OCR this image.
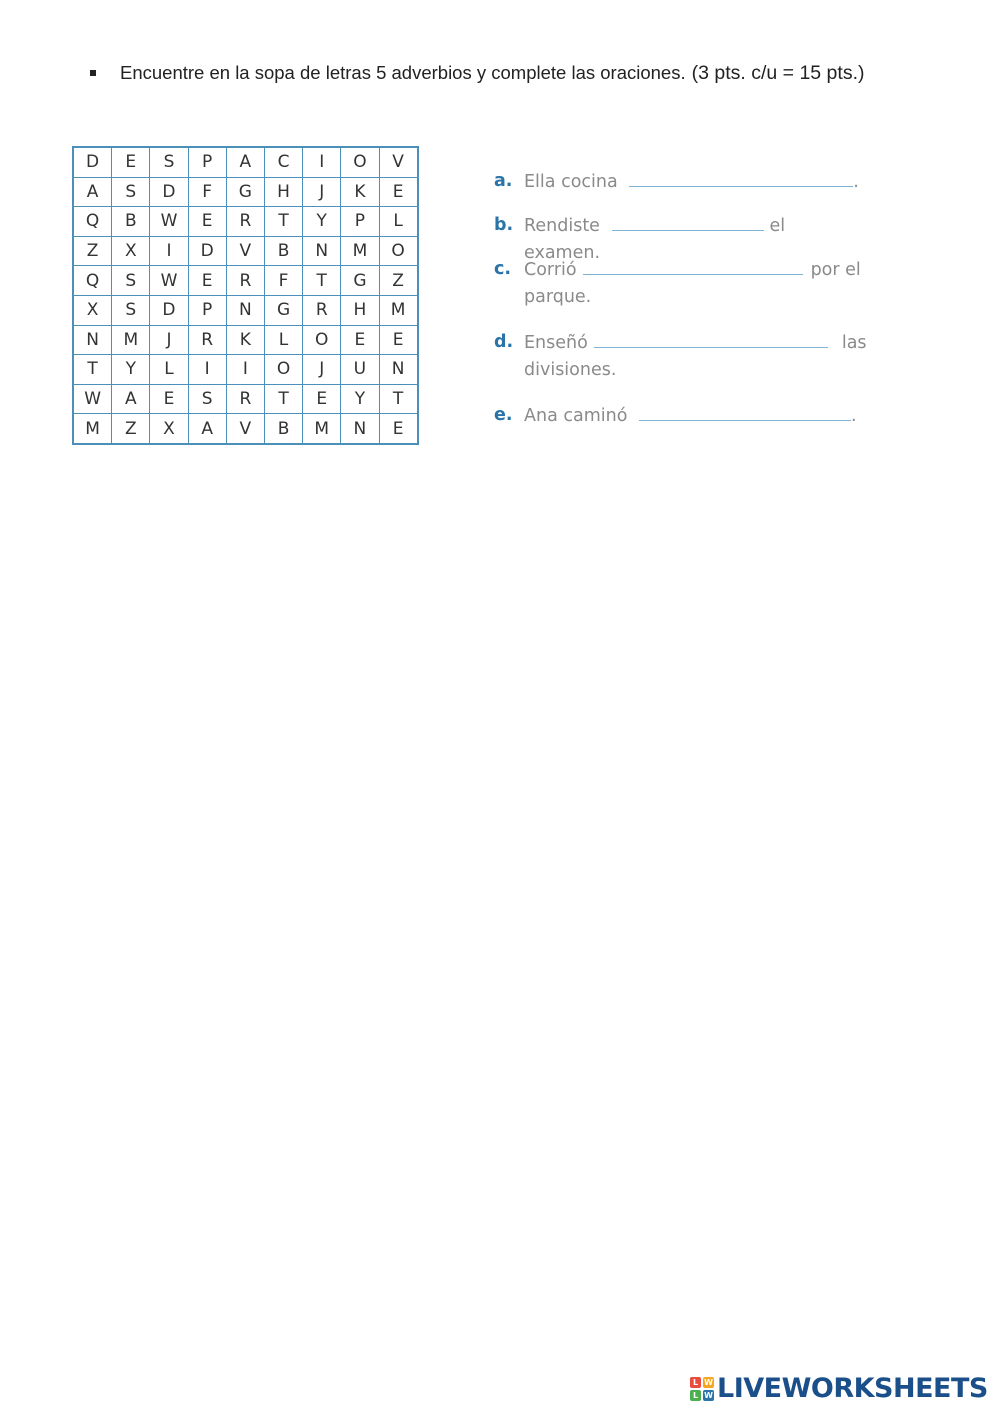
Encuentre en la sopa de letras 5 adverbios y complete las oraciones. (3 pts. c/u = 15 pts.)
D	E	S	P	A	C	I	O	V
A	S	D	F	G	H	J	K	E
Q	B	W	E	R	T	Y	P	L
Z	X	I	D	V	B	N	M	O
Q	S	W	E	R	F	T	G	Z
X	S	D	P	N	G	R	H	M
N	M	J	R	K	L	O	E	E
T	Y	L	I	I	O	J	U	N
W	A	E	S	R	T	E	Y	T
M	Z	X	A	V	B	M	N	E
a. Ella cocina	.
b. Rendiste	el examen.
c. Corrió	por el
parque.
d. Enseñó	las
divisiones.
e. Ana caminó	.
L W
L W LIVEWORKSHEETS
